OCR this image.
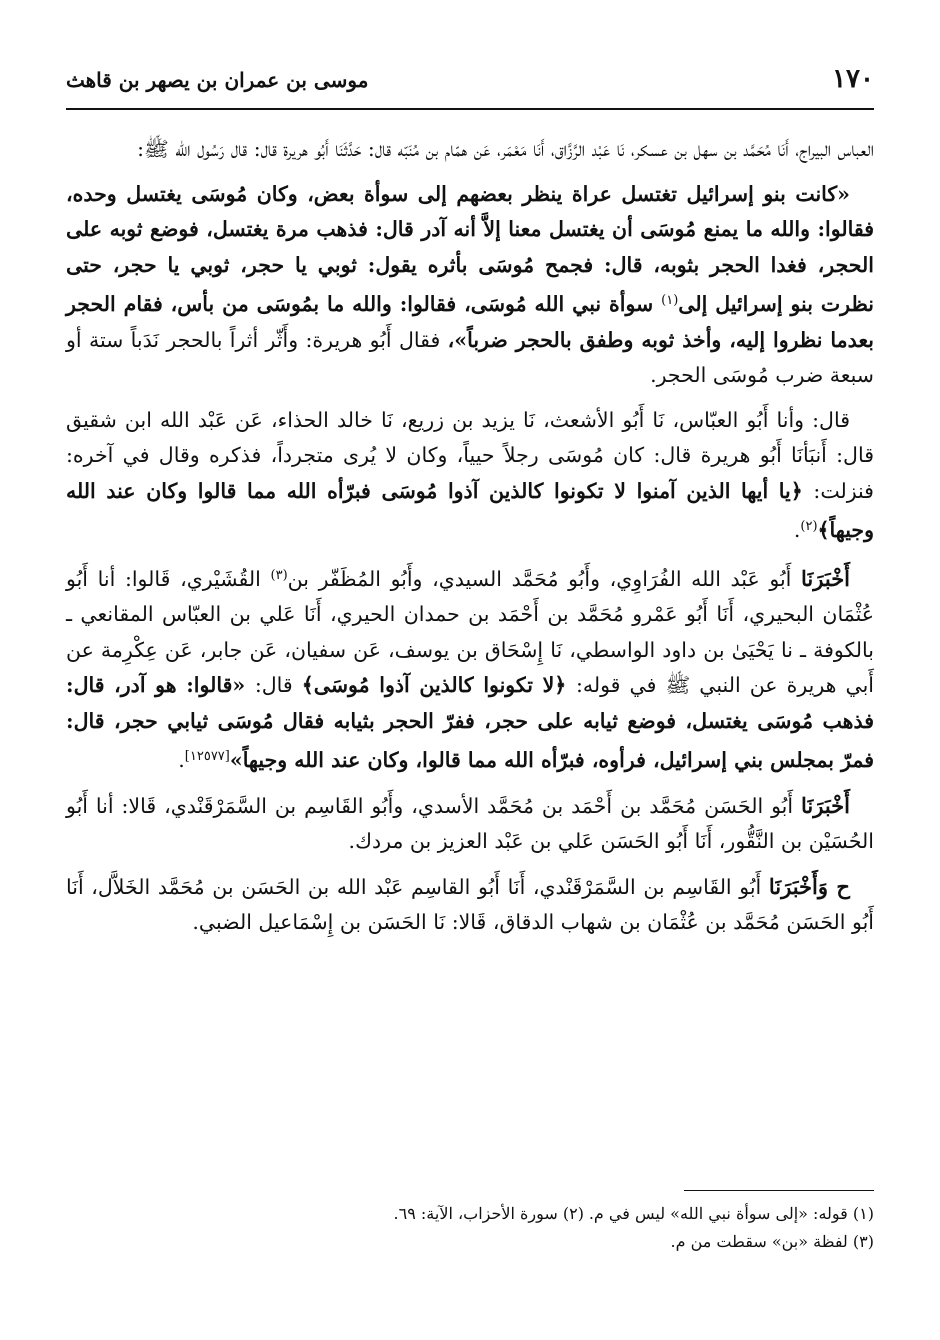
١٧٠
موسى بن عمران بن يصهر بن قاهث

العباس البيراج، أَنَا مُحَمَّد بن سهل بن عسكر، نَا عَبْد الرَّزَّاق، أَنَا مَعْمَر، عَن همّام بن مُنَبّه قال: حَدَّثَنَا أَبُو هريرة قال: قال رَسُول الله ﷺ:

«كانت بنو إسرائيل تغتسل عراة ينظر بعضهم إلى سوأة بعض، وكان مُوسَى يغتسل وحده، فقالوا: والله ما يمنع مُوسَى أن يغتسل معنا إلاَّ أنه آدر قال: فذهب مرة يغتسل، فوضع ثوبه على الحجر، فغدا الحجر بثوبه، قال: فجمح مُوسَى بأثره يقول: ثوبي يا حجر، ثوبي يا حجر، حتى نظرت بنو إسرائيل إلى$^{(١)}$ سوأة نبي الله مُوسَى، فقالوا: والله ما بمُوسَى من بأس، فقام الحجر بعدما نظروا إليه، وأخذ ثوبه وطفق بالحجر ضرباً»، فقال أَبُو هريرة: وأَثّر أثراً بالحجر نَدَباً ستة أو سبعة ضرب مُوسَى الحجر.

قال: وأنا أَبُو العبّاس، نَا أَبُو الأشعث، نَا يزيد بن زريع، نَا خالد الحذاء، عَن عَبْد الله ابن شقيق قال: أَنبَأنَا أَبُو هريرة قال: كان مُوسَى رجلاً حيياً، وكان لا يُرى متجرداً، فذكره وقال في آخره: فنزلت: ﴿يا أيها الذين آمنوا لا تكونوا كالذين آذوا مُوسَى فبرّأه الله مما قالوا وكان عند الله وجيهاً﴾$^{(٢)}$.

أَخْبَرَنَا أَبُو عَبْد الله الفُرَاوِي، وأَبُو مُحَمَّد السيدي، وأَبُو المُظَفّر بن$^{(٣)}$ القُشَيْري، قَالوا: أنا أَبُو عُثْمَان البحيري، أَنَا أَبُو عَمْرو مُحَمَّد بن أَحْمَد بن حمدان الحيري، أَنَا عَلي بن العبّاس المقانعي ـ بالكوفة ـ نا يَحْيَىٰ بن داود الواسطي، نَا إِسْحَاق بن يوسف، عَن سفيان، عَن جابر، عَن عِكْرِمة عن أَبي هريرة عن النبي ﷺ في قوله: ﴿لا تكونوا كالذين آذوا مُوسَى﴾ قال: «قالوا: هو آدر، قال: فذهب مُوسَى يغتسل، فوضع ثيابه على حجر، ففرّ الحجر بثيابه فقال مُوسَى ثيابي حجر، قال: فمرّ بمجلس بني إسرائيل، فرأوه، فبرّأه الله مما قالوا، وكان عند الله وجيهاً»[١٢٥٧٧].

أَخْبَرَنَا أَبُو الحَسَن مُحَمَّد بن أَحْمَد بن مُحَمَّد الأسدي، وأَبُو القَاسِم بن السَّمَرْقَنْدي، قَالا: أنا أَبُو الحُسَيْن بن النَّقُّور، أَنَا أَبُو الحَسَن عَلي بن عَبْد العزيز بن مردك.

ح وَأَخْبَرَنَا أَبُو القَاسِم بن السَّمَرْقَنْدي، أَنَا أَبُو القاسِم عَبْد الله بن الحَسَن بن مُحَمَّد الخَلاَّل، أَنَا أَبُو الحَسَن مُحَمَّد بن عُثْمَان بن شهاب الدقاق، قَالا: نَا الحَسَن بن إِسْمَاعيل الضبي.

(١) قوله: «إلى سوأة نبي الله» ليس في م.
(٢) سورة الأحزاب، الآية: ٦٩.
(٣) لفظة «بن» سقطت من م.
